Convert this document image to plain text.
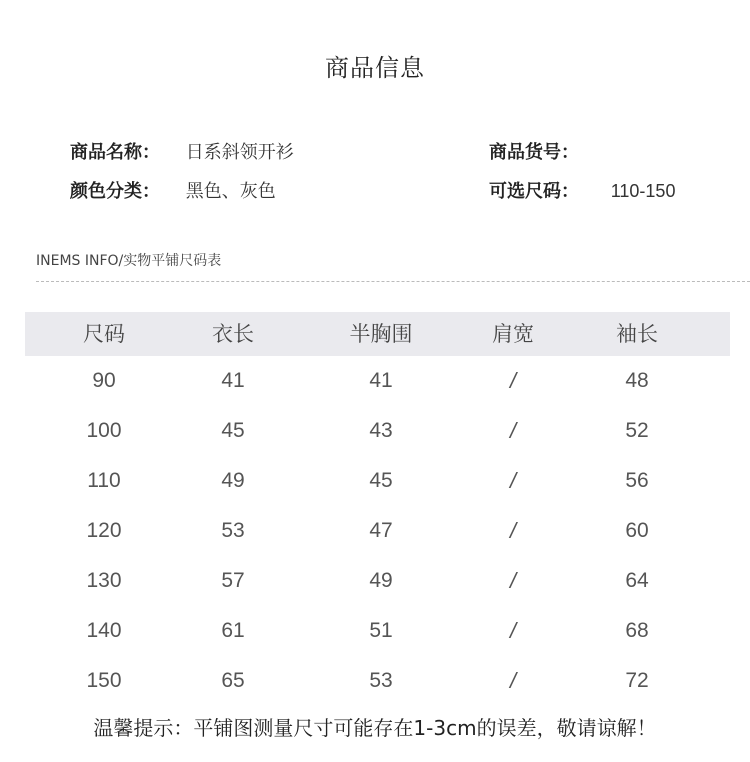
商品信息
商品名称： 日系斜领开衫	商品货号：
颜色分类： 黑色、灰色	可选尺码： 110-150
INEMS INFO/实物平铺尺码表
尺码	衣长	半胸围	肩宽	袖长
90	41	41	/	48
100	45	43	/	52
110	49	45	/	56
120	53	47	/	60
130	57	49	/	64
140	61	51	/	68
150	65	53	/	72
温馨提示：平铺图测量尺寸可能存在1-3cm的误差，敬请谅解！
